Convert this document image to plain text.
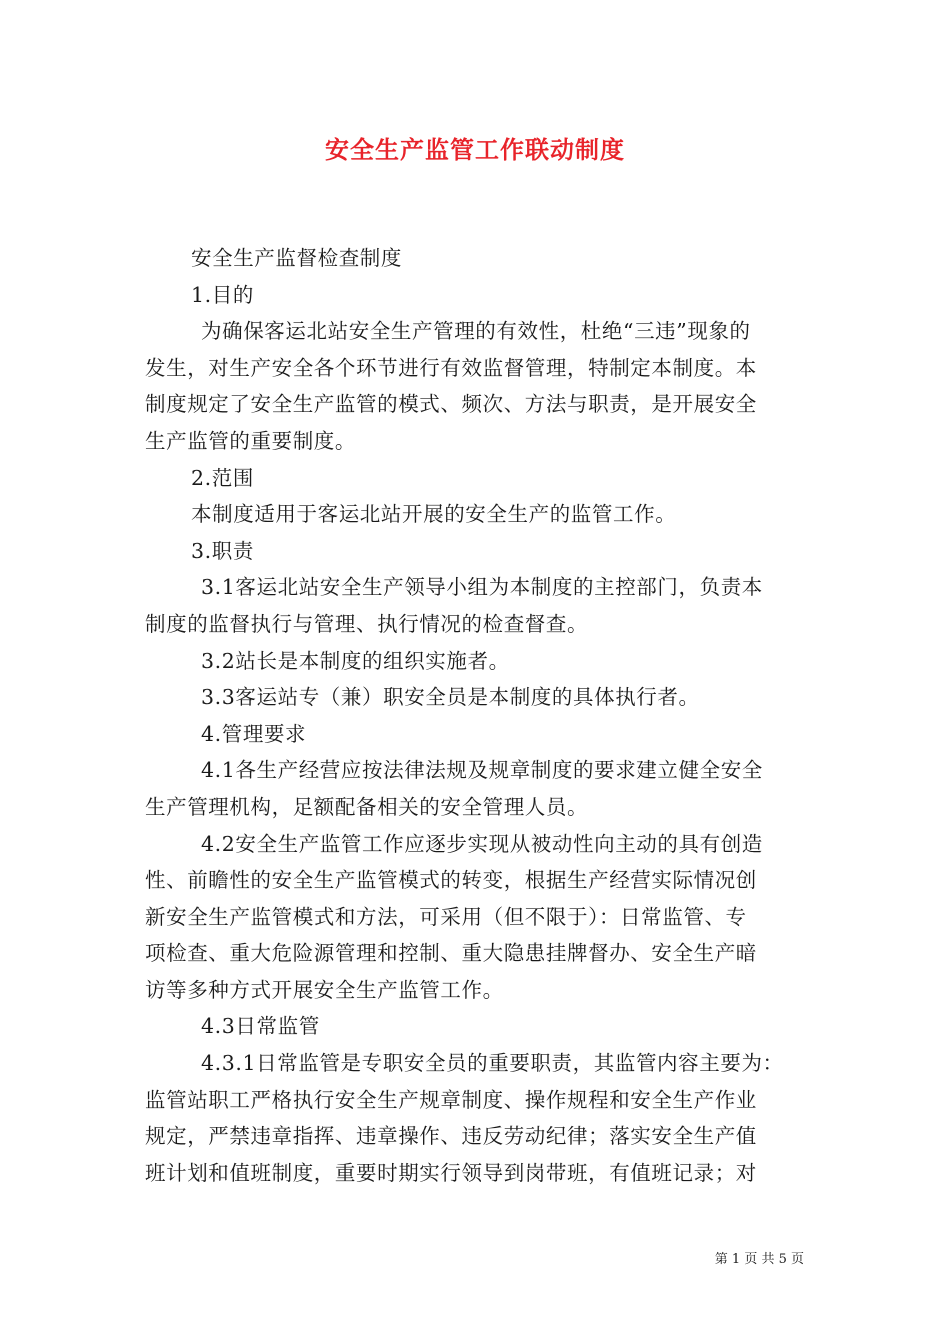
安全生产监管工作联动制度

安全生产监督检查制度

1.目的

为确保客运北站安全生产管理的有效性，杜绝“三违”现象的
发生，对生产安全各个环节进行有效监督管理，特制定本制度。本
制度规定了安全生产监管的模式、频次、方法与职责，是开展安全
生产监管的重要制度。

2.范围

本制度适用于客运北站开展的安全生产的监管工作。

3.职责

3.1客运北站安全生产领导小组为本制度的主控部门，负责本
制度的监督执行与管理、执行情况的检查督查。

3.2站长是本制度的组织实施者。

3.3客运站专（兼）职安全员是本制度的具体执行者。

4.管理要求

4.1各生产经营应按法律法规及规章制度的要求建立健全安全
生产管理机构，足额配备相关的安全管理人员。

4.2安全生产监管工作应逐步实现从被动性向主动的具有创造
性、前瞻性的安全生产监管模式的转变，根据生产经营实际情况创
新安全生产监管模式和方法，可采用（但不限于）：日常监管、专
项检查、重大危险源管理和控制、重大隐患挂牌督办、安全生产暗
访等多种方式开展安全生产监管工作。

4.3日常监管

4.3.1日常监管是专职安全员的重要职责，其监管内容主要为：
监管站职工严格执行安全生产规章制度、操作规程和安全生产作业
规定，严禁违章指挥、违章操作、违反劳动纪律；落实安全生产值
班计划和值班制度，重要时期实行领导到岗带班，有值班记录；对

第 1 页 共 5 页
